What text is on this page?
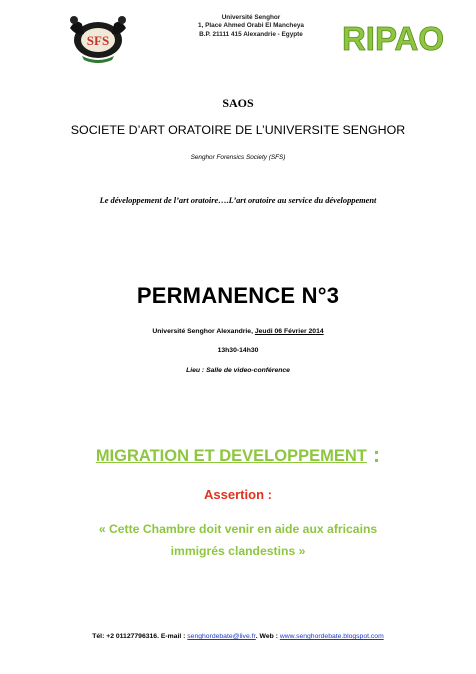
SFS
Université Senghor
1, Place Ahmed Orabi El Mancheya
B.P. 21111 415 Alexandrie - Egypte	RIPAO
SAOS
SOCIETE D’ART ORATOIRE DE L’UNIVERSITE SENGHOR
Senghor Forensics Society (SFS)
Le développement de l’art oratoire….L’art oratoire au service du développement
PERMANENCE N°3
Université Senghor Alexandrie, Jeudi 06 Février 2014
13h30-14h30
Lieu : Salle de video-conférence
MIGRATION ET DEVELOPPEMENT :
Assertion :
« Cette Chambre doit venir en aide aux africains
immigrés clandestins »
Tél: +2 01127796316. E-mail : senghordebate@live.fr. Web : www.senghordebate.blogspot.com
